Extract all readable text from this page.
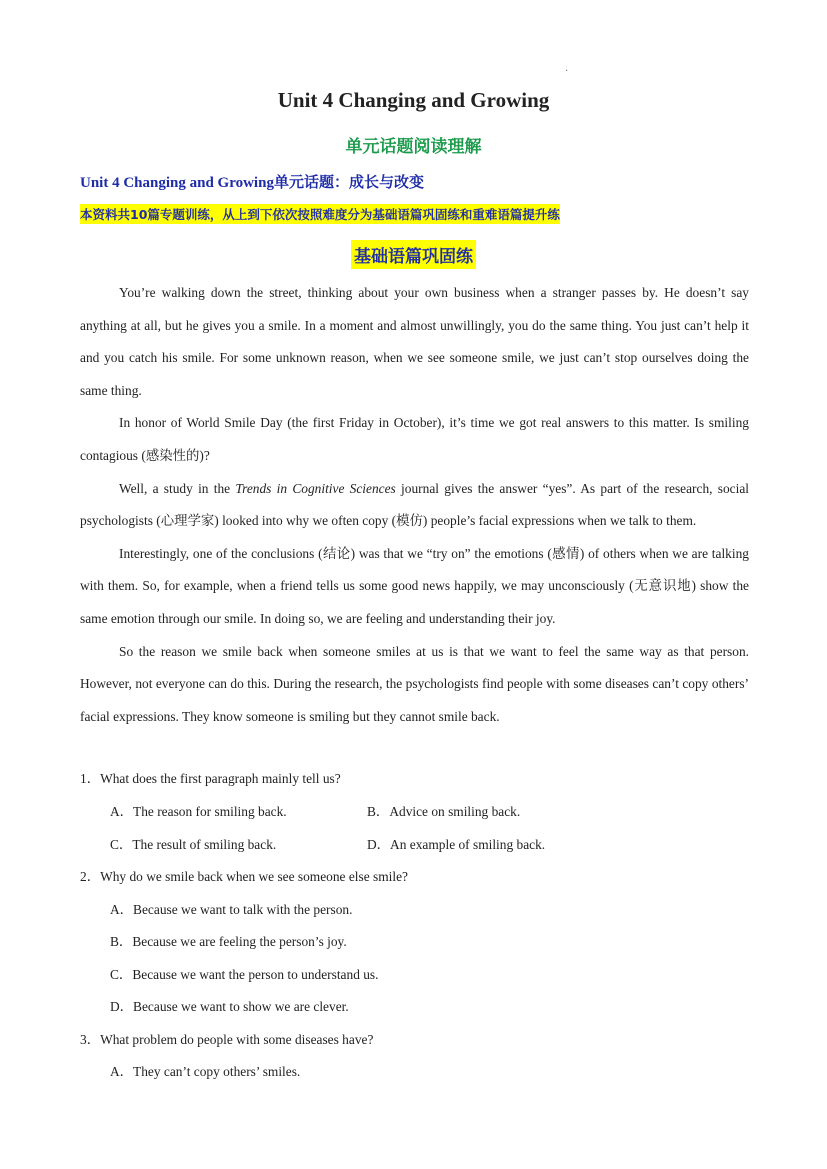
·
Unit 4 Changing and Growing
单元话题阅读理解
Unit 4 Changing and Growing单元话题：成长与改变
本资料共10篇专题训练，从上到下依次按照难度分为基础语篇巩固练和重难语篇提升练
基础语篇巩固练

You’re walking down the street, thinking about your own business when a stranger passes by. He doesn’t say anything at all, but he gives you a smile. In a moment and almost unwillingly, you do the same thing. You just can’t help it and you catch his smile. For some unknown reason, when we see someone smile, we just can’t stop ourselves doing the same thing.

In honor of World Smile Day (the first Friday in October), it’s time we got real answers to this matter. Is smiling contagious (感染性的)?

Well, a study in the Trends in Cognitive Sciences journal gives the answer “yes”. As part of the research, social psychologists (心理学家) looked into why we often copy (模仿) people’s facial expressions when we talk to them.

Interestingly, one of the conclusions (结论) was that we “try on” the emotions (感情) of others when we are talking with them. So, for example, when a friend tells us some good news happily, we may unconsciously (无意识地) show the same emotion through our smile. In doing so, we are feeling and understanding their joy.

So the reason we smile back when someone smiles at us is that we want to feel the same way as that person. However, not everyone can do this. During the research, the psychologists find people with some diseases can’t copy others’ facial expressions. They know someone is smiling but they cannot smile back.

1．What does the first paragraph mainly tell us?
A．The reason for smiling back.	B．Advice on smiling back.
C．The result of smiling back.	D．An example of smiling back.
2．Why do we smile back when we see someone else smile?
A．Because we want to talk with the person.
B．Because we are feeling the person’s joy.
C．Because we want the person to understand us.
D．Because we want to show we are clever.
3．What problem do people with some diseases have?
A．They can’t copy others’ smiles.
